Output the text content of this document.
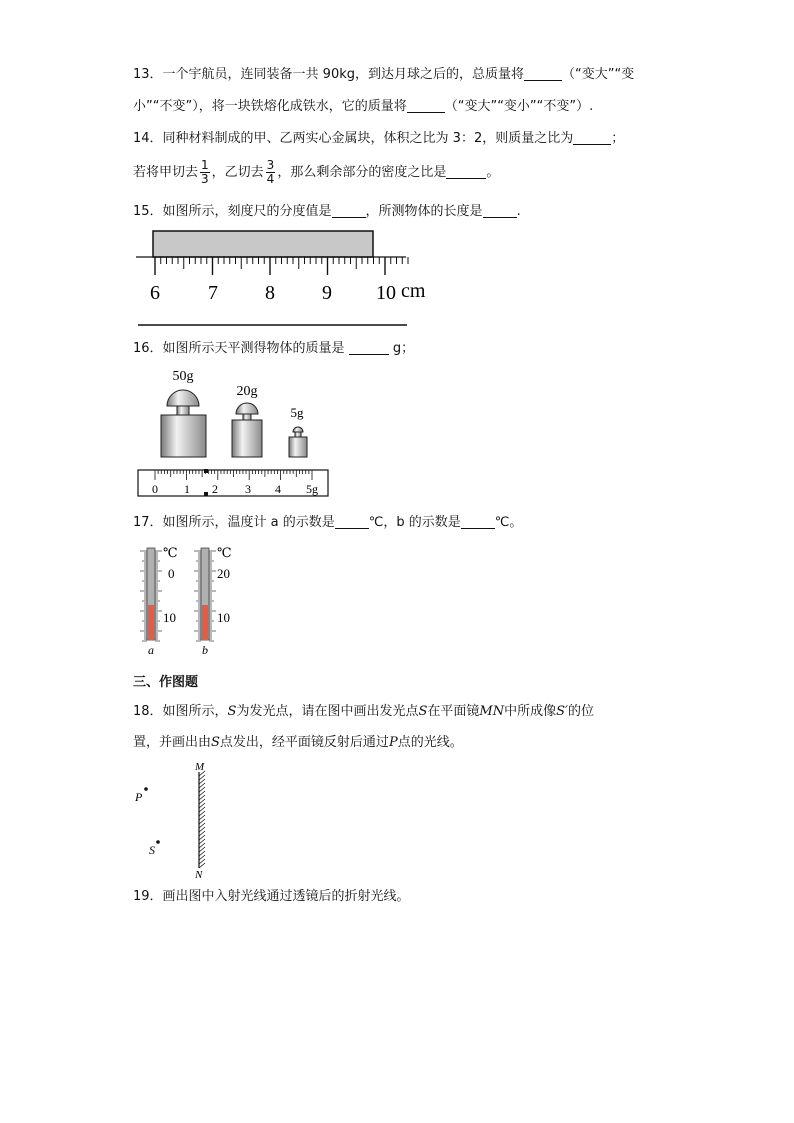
13．一个宇航员，连同装备一共 90kg，到达月球之后的，总质量将	（“变大”“变
小”“不变”），将一块铁熔化成铁水，它的质量将	（“变大”“变小”“不变”）.
14．同种材料制成的甲、乙两实心金属块，体积之比为 3：2，则质量之比为	；
若将甲切去 $\frac{1}{3}$ ，乙切去 $\frac{3}{4}$ ，那么剩余部分的密度之比是	。
15．如图所示，刻度尺的分度值是	，所测物体的长度是	.
6 7 8 9 10 cm
16．如图所示天平测得物体的质量是	g；
50g
20g
5g
0 1 2 3 4 5g
17．如图所示，温度计 a 的示数是	℃，b 的示数是	℃。
℃
0
10
a
℃
20
10
b
三、作图题
18．如图所示，S为发光点，请在图中画出发光点S在平面镜MN中所成像S′的位
置，并画出由S点发出，经平面镜反射后通过P点的光线。
M
N
P
S
19．画出图中入射光线通过透镜后的折射光线。
